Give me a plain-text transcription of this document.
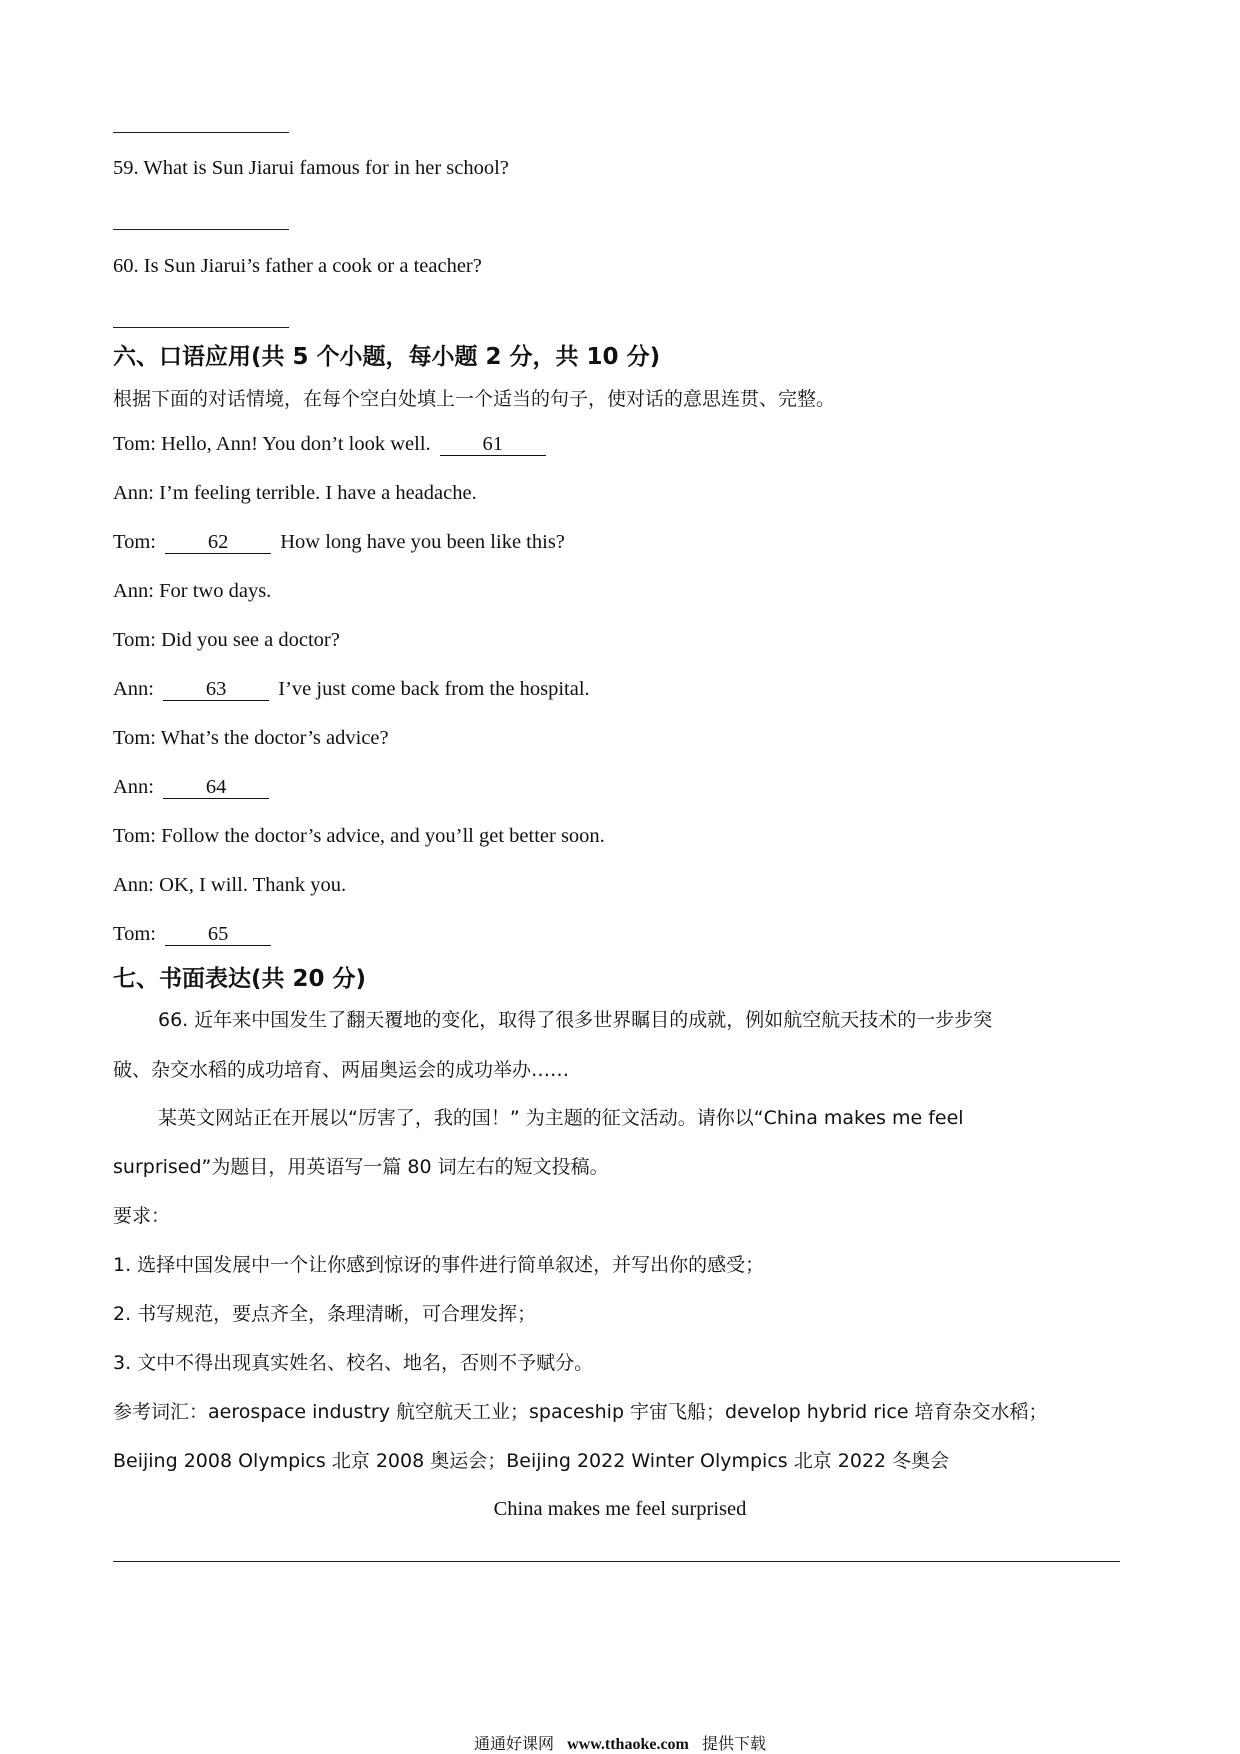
59. What is Sun Jiarui famous for in her school?
60. Is Sun Jiarui’s father a cook or a teacher?
六、口语应用(共 5 个小题，每小题 2 分，共 10 分)
根据下面的对话情境，在每个空白处填上一个适当的句子，使对话的意思连贯、完整。
Tom: Hello, Ann! You don’t look well. 61
Ann: I’m feeling terrible. I have a headache.
Tom: 62 How long have you been like this?
Ann: For two days.
Tom: Did you see a doctor?
Ann: 63 I’ve just come back from the hospital.
Tom: What’s the doctor’s advice?
Ann: 64
Tom: Follow the doctor’s advice, and you’ll get better soon.
Ann: OK, I will. Thank you.
Tom: 65
七、书面表达(共 20 分)
66. 近年来中国发生了翻天覆地的变化，取得了很多世界瞩目的成就，例如航空航天技术的一步步突
破、杂交水稻的成功培育、两届奥运会的成功举办……
某英文网站正在开展以“厉害了，我的国！” 为主题的征文活动。请你以“China makes me feel
surprised”为题目，用英语写一篇 80 词左右的短文投稿。
要求：
1. 选择中国发展中一个让你感到惊讶的事件进行简单叙述，并写出你的感受；
2. 书写规范，要点齐全，条理清晰，可合理发挥；
3. 文中不得出现真实姓名、校名、地名，否则不予赋分。
参考词汇：aerospace industry 航空航天工业；spaceship 宇宙飞船；develop hybrid rice 培育杂交水稻；
Beijing 2008 Olympics 北京 2008 奥运会；Beijing 2022 Winter Olympics 北京 2022 冬奥会
China makes me feel surprised
通通好课网 www.tthaoke.com 提供下载
